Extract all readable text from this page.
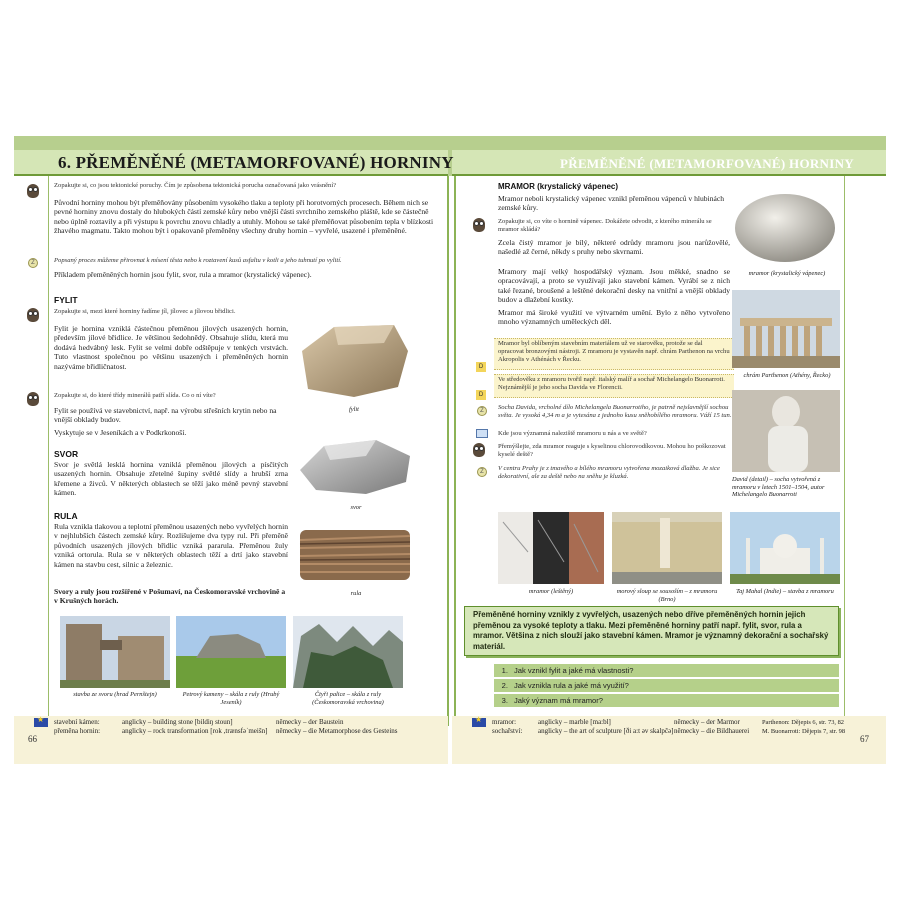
6. PŘEMĚNĚNÉ (METAMORFOVANÉ) HORNINY	PŘEMĚNĚNÉ (METAMORFOVANÉ) HORNINY
Zopakujte si, co jsou tektonické poruchy. Čím je způsobena tektonická porucha označovaná jako vrásnění?
Původní horniny mohou být přeměňovány působením vysokého tlaku a teploty při horotvorných procesech. Během nich se pevné horniny znovu dostaly do hlubokých částí zemské kůry nebo vnější části svrchního zemského pláště, kde se částečně nebo úplně roztavily a při výstupu k povrchu znovu chladly a utuhly. Mohou se také přeměňovat působením tepla v blízkosti žhavého magmatu. Takto mohou být i opakovaně přeměněny všechny druhy hornin – vyvřelé, usazené i přeměněné.
Z	Popsaný proces můžeme přirovnat k mísení těsta nebo k roztavení kusů asfaltu v kotli a jeho tuhnutí po vylití.
Příkladem přeměněných hornin jsou fylit, svor, rula a mramor (krystalický vápenec).
FYLIT
Zopakujte si, mezi které horniny řadíme jíl, jílovec a jílovou břidlici.
Fylit je hornina vzniklá částečnou přeměnou jílových usazených hornin, především jílové břidlice. Je většinou šedohnědý. Obsahuje slídu, která mu dodává hedvábný lesk. Fylit se velmi dobře odštěpuje v tenkých vrstvách. Tuto vlastnost společnou po většinu usazených i přeměněných hornin nazýváme břidličnatost.
Zopakujte si, do které třídy minerálů patří slída. Co o ní víte?
Fylit se používá ve stavebnictví, např. na výrobu střešních krytin nebo na vnější obklady budov.
Vyskytuje se v Jeseníkách a v Podkrkonoší.
fylit
SVOR
Svor je světlá lesklá hornina vzniklá přeměnou jílových a písčitých usazených hornin. Obsahuje zřetelné šupiny světlé slídy a hrubší zrna křemene a živců. V některých oblastech se těží jako méně pevný stavební kámen.
svor
RULA
Rula vznikla tlakovou a teplotní přeměnou usazených nebo vyvřelých hornin v nejhlubších částech zemské kůry. Rozlišujeme dva typy rul. Při přeměně původních usazených jílových břidlic vzniká pararula. Přeměnou žuly vzniká ortorula. Rula se v některých oblastech těží a drtí jako stavební kámen na stavbu cest, silnic a železnic.
Svory a ruly jsou rozšířené v Pošumaví, na Českomoravské vrchovině a v Krušných horách.
rula
stavba ze svoru (hrad Pernštejn)	Petrový kameny – skála z ruly (Hrubý Jeseník)
Čtyři palice – skála z ruly (Českomoravská vrchovina)
★
stavební kámen:	anglicky – building stone [bildiŋ stoun]	německy – der Baustein
přeměna hornin:	anglicky – rock transformation [rok ,trænsfəˈmeišn] německy – die Metamorphose des Gesteins
66
MRAMOR (krystalický vápenec)
Mramor neboli krystalický vápenec vznikl přeměnou vápenců v hlubinách zemské kůry.
Zopakujte si, co víte o hornině vápenec. Dokážete odvodit, z kterého minerálu se mramor skládá?
Zcela čistý mramor je bílý, některé odrůdy mramoru jsou narůžovělé, našedlé až černé, někdy s pruhy nebo skvrnami.
Mramory mají velký hospodářský význam. Jsou měkké, snadno se opracovávají, a proto se využívají jako stavební kámen. Vyrábí se z nich také řezané, broušené a leštěné dekorační desky na vnitřní a vnější obklady budov a dlažební kostky.
Mramor má široké využití ve výtvarném umění. Bylo z něho vytvořeno mnoho významných uměleckých děl.
D
Mramor byl oblíbeným stavebním materiálem už ve starověku, protože se dal opracovat bronzovými nástroji. Z mramoru je vystavěn např. chrám Parthenon na vrchu Akropolis v Athénách v Řecku.
D
Ve středověku z mramoru tvořil např. italský malíř a sochař Michelangelo Buonarroti. Nejznámější je jeho socha Davida ve Florencii.
Z	Socha Davida, vrcholné dílo Michelangela Buonarrotiho, je patrně nejslavnější sochou světa. Je vysoká 4,34 m a je vytesána z jednoho kusu sněhobílého mramoru. Váží 15 tun.
Kde jsou významná naleziště mramoru u nás a ve světě?
Přemýšlejte, zda mramor reaguje s kyselinou chlorovodíkovou. Mohou ho poškozovat kyselé deště?
Z	V centru Prahy je z tmavého a bílého mramoru vytvořena mozaiková dlažba. Je sice dekorativní, ale za deště nebo na sněhu je kluzká.
mramor (krystalický vápenec)
chrám Parthenon (Athény, Řecko)
David (detail) – socha vytvořená z mramoru v letech 1501–1504, autor Michelangelo Buonarroti
mramor (leštěný)	morový sloup se sousoším – z mramoru (Brno)
Taj Mahal (Indie) – stavba z mramoru
Přeměněné horniny vznikly z vyvřelých, usazených nebo dříve přeměněných hornin jejich přeměnou za vysoké teploty a tlaku. Mezi přeměněné horniny patří např. fylit, svor, rula a mramor. Většina z nich slouží jako stavební kámen. Mramor je významný dekorační a sochařský materiál.
1. Jak vznikl fylit a jaké má vlastnosti?
2. Jak vznikla rula a jaké má využití?
3. Jaký význam má mramor?
★
mramor:	anglicky – marble [ma:bl]	německy – der Marmor
sochařství: anglicky – the art of sculpture [ði a:t əv skalpčə] německy – die Bildhauerei
Parthenon: Dějepis 6, str. 73, 82
M. Buonarroti: Dějepis 7, str. 98
67
